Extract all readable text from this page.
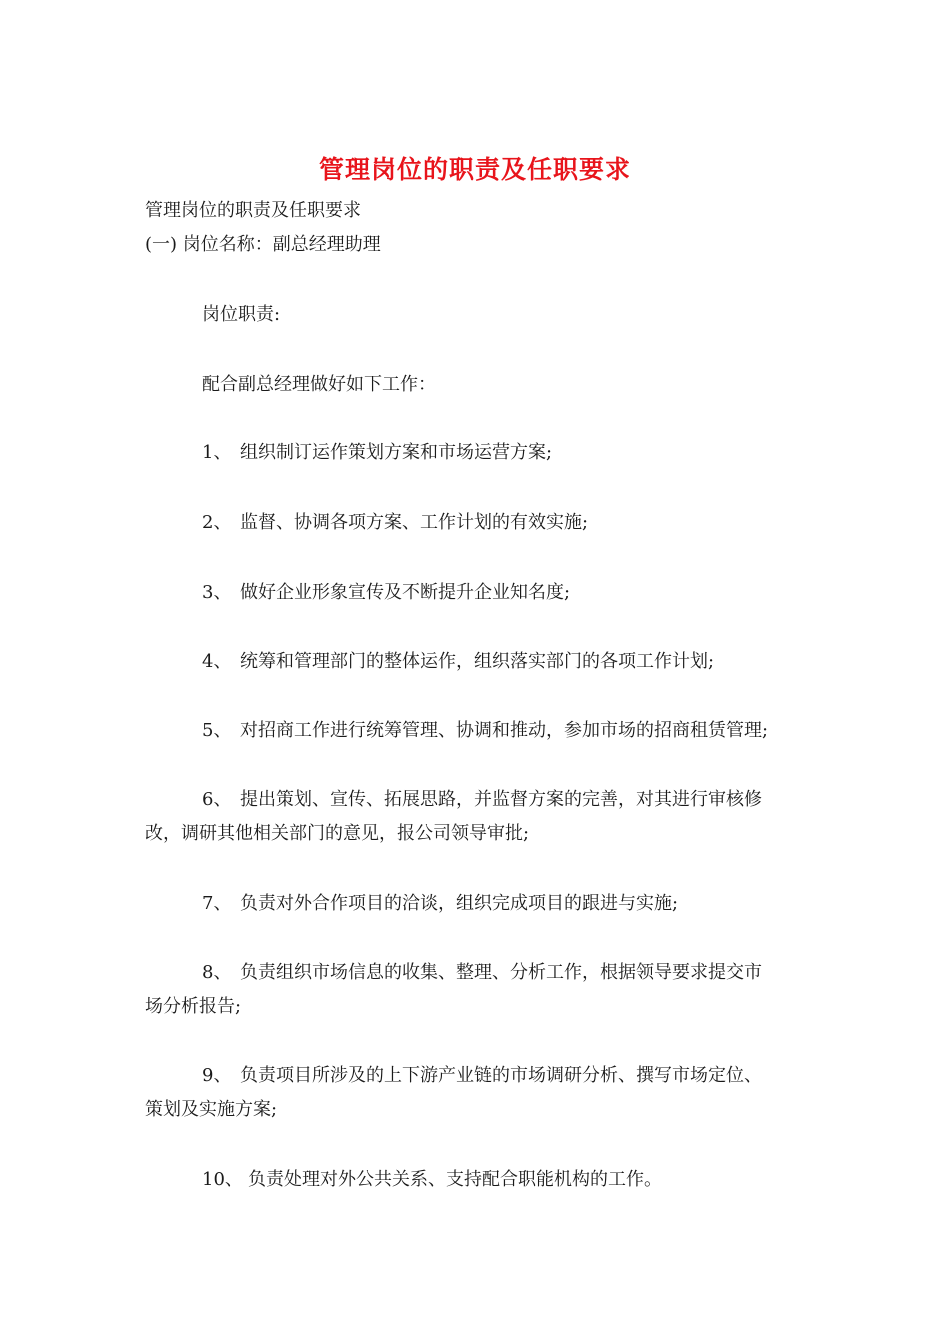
管理岗位的职责及任职要求
管理岗位的职责及任职要求
(一) 岗位名称：副总经理助理
岗位职责:
配合副总经理做好如下工作：
1、 组织制订运作策划方案和市场运营方案;
2、 监督、协调各项方案、工作计划的有效实施;
3、 做好企业形象宣传及不断提升企业知名度;
4、 统筹和管理部门的整体运作，组织落实部门的各项工作计划;
5、 对招商工作进行统筹管理、协调和推动，参加市场的招商租赁管理;
6、 提出策划、宣传、拓展思路，并监督方案的完善，对其进行审核修
改，调研其他相关部门的意见，报公司领导审批;
7、 负责对外合作项目的洽谈，组织完成项目的跟进与实施;
8、 负责组织市场信息的收集、整理、分析工作，根据领导要求提交市
场分析报告;
9、 负责项目所涉及的上下游产业链的市场调研分析、撰写市场定位、
策划及实施方案;
10、 负责处理对外公共关系、支持配合职能机构的工作。
